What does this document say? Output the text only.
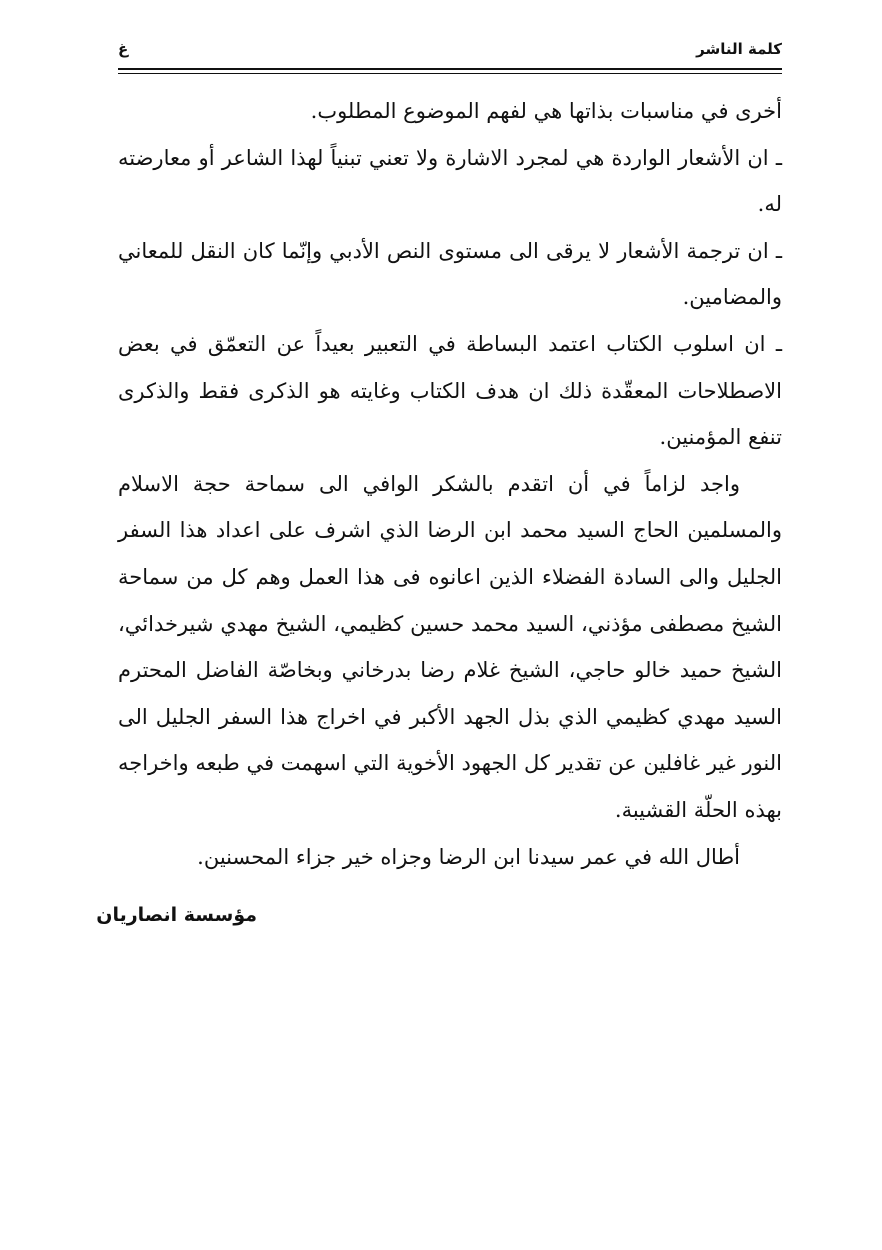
كلمة الناشر
غ

أخرى في مناسبات بذاتها هي لفهم الموضوع المطلوب.

ـ ان الأشعار الواردة هي لمجرد الاشارة ولا تعني تبنياً لهذا الشاعر أو معارضته له.

ـ ان ترجمة الأشعار لا يرقى الى مستوى النص الأدبي وإنّما كان النقل للمعاني والمضامين.

ـ ان اسلوب الكتاب اعتمد البساطة في التعبير بعيداً عن التعمّق في بعض الاصطلاحات المعقّدة ذلك ان هدف الكتاب وغايته هو الذكرى فقط والذكرى تنفع المؤمنين.

واجد لزاماً في أن اتقدم بالشكر الوافي الى سماحة حجة الاسلام والمسلمين الحاج السيد محمد ابن الرضا الذي اشرف على اعداد هذا السفر الجليل والى السادة الفضلاء الذين اعانوه فى هذا العمل وهم كل من سماحة الشيخ مصطفى مؤذني، السيد محمد حسين كظيمي، الشيخ مهدي شيرخدائي، الشيخ حميد خالو حاجي، الشيخ غلام رضا بدرخاني وبخاصّة الفاضل المحترم السيد مهدي كظيمي الذي بذل الجهد الأكبر في اخراج هذا السفر الجليل الى النور غير غافلين عن تقدير كل الجهود الأخوية التي اسهمت في طبعه واخراجه بهذه الحلّة القشيبة.

أطال الله في عمر سيدنا ابن الرضا وجزاه خير جزاء المحسنين.

مؤسسة انصاريان
